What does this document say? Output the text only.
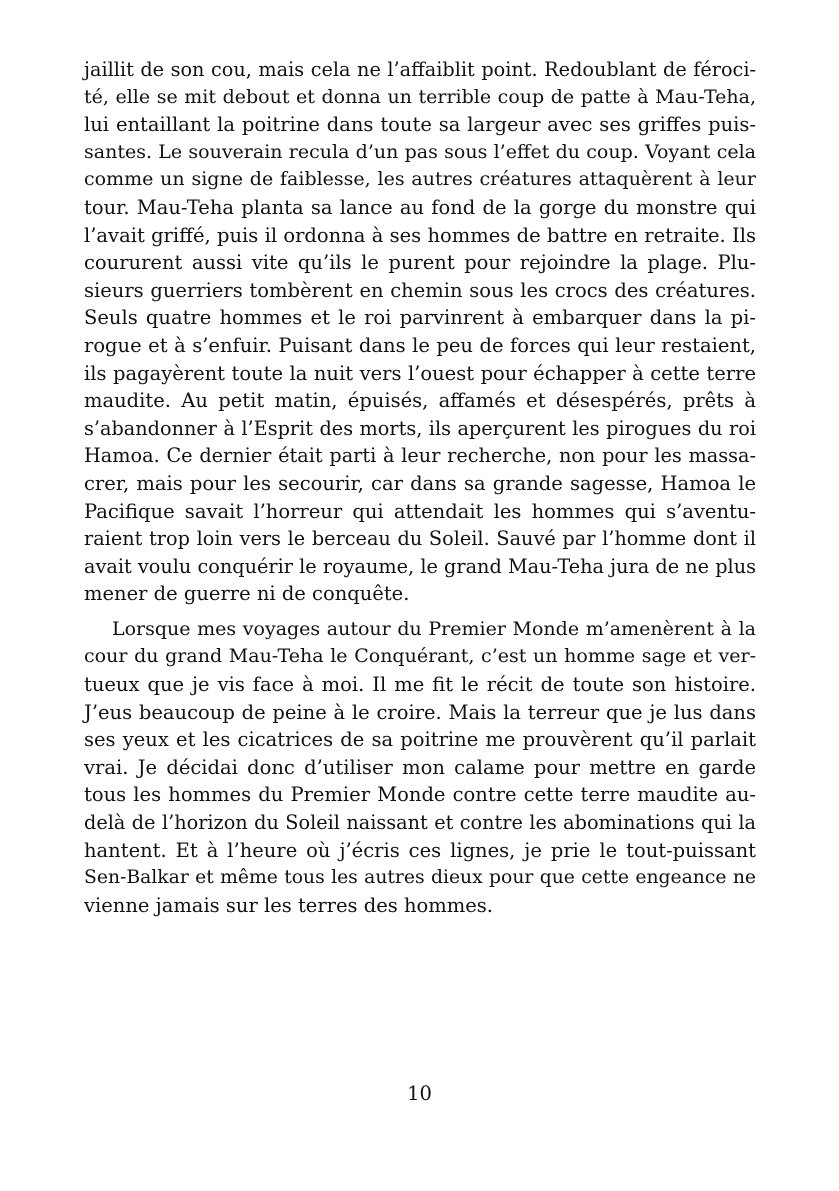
jaillit de son cou, mais cela ne l’affaiblit point. Redoublant de féroci-
té, elle se mit debout et donna un terrible coup de patte à Mau-Teha,
lui entaillant la poitrine dans toute sa largeur avec ses griffes puis-
santes. Le souverain recula d’un pas sous l’effet du coup. Voyant cela
comme un signe de faiblesse, les autres créatures attaquèrent à leur
tour. Mau-Teha planta sa lance au fond de la gorge du monstre qui
l’avait griffé, puis il ordonna à ses hommes de battre en retraite. Ils
coururent aussi vite qu’ils le purent pour rejoindre la plage. Plu-
sieurs guerriers tombèrent en chemin sous les crocs des créatures.
Seuls quatre hommes et le roi parvinrent à embarquer dans la pi-
rogue et à s’enfuir. Puisant dans le peu de forces qui leur restaient,
ils pagayèrent toute la nuit vers l’ouest pour échapper à cette terre
maudite. Au petit matin, épuisés, affamés et désespérés, prêts à
s’abandonner à l’Esprit des morts, ils aperçurent les pirogues du roi
Hamoa. Ce dernier était parti à leur recherche, non pour les massa-
crer, mais pour les secourir, car dans sa grande sagesse, Hamoa le
Pacifique savait l’horreur qui attendait les hommes qui s’aventu-
raient trop loin vers le berceau du Soleil. Sauvé par l’homme dont il
avait voulu conquérir le royaume, le grand Mau-Teha jura de ne plus
mener de guerre ni de conquête.
Lorsque mes voyages autour du Premier Monde m’amenèrent à la
cour du grand Mau-Teha le Conquérant, c’est un homme sage et ver-
tueux que je vis face à moi. Il me fit le récit de toute son histoire.
J’eus beaucoup de peine à le croire. Mais la terreur que je lus dans
ses yeux et les cicatrices de sa poitrine me prouvèrent qu’il parlait
vrai. Je décidai donc d’utiliser mon calame pour mettre en garde
tous les hommes du Premier Monde contre cette terre maudite au-
delà de l’horizon du Soleil naissant et contre les abominations qui la
hantent. Et à l’heure où j’écris ces lignes, je prie le tout-puissant
Sen-Balkar et même tous les autres dieux pour que cette engeance ne
vienne jamais sur les terres des hommes.
10
